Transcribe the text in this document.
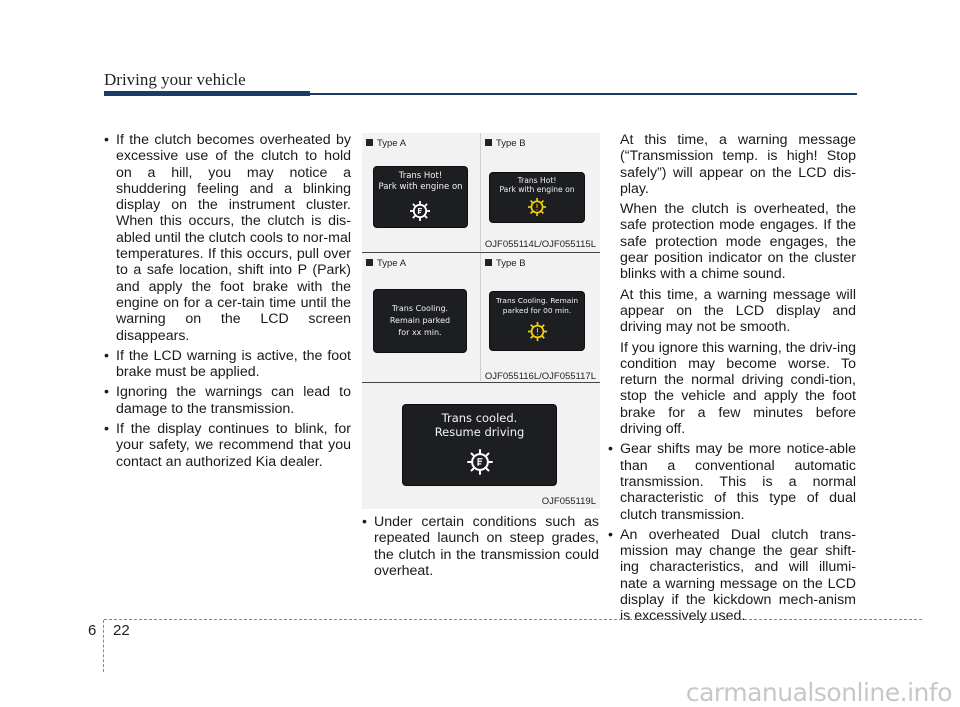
Driving your vehicle

• If the clutch becomes overheated by excessive use of the clutch to hold on a hill, you may notice a shuddering feeling and a blinking display on the instrument cluster. When this occurs, the clutch is dis-abled until the clutch cools to nor-mal temperatures. If this occurs, pull over to a safe location, shift into P (Park) and apply the foot brake with the engine on for a cer-tain time until the warning on the LCD screen disappears.

• If the LCD warning is active, the foot brake must be applied.

• Ignoring the warnings can lead to damage to the transmission.

• If the display continues to blink, for your safety, we recommend that you contact an authorized Kia dealer.

Type A	Type B
Trans Hot!
Park with engine on
Trans Hot!
Park with engine on
OJF055114L/OJF055115L
Type A	Type B
Trans Cooling.
Remain parked
for xx min.
Trans Cooling. Remain
parked for 00 min.
OJF055116L/OJF055117L
Trans cooled.
Resume driving
OJF055119L

• Under certain conditions such as repeated launch on steep grades, the clutch in the transmission could overheat.

At this time, a warning message (“Transmission temp. is high! Stop safely”) will appear on the LCD dis-play.

When the clutch is overheated, the safe protection mode engages. If the safe protection mode engages, the gear position indicator on the cluster blinks with a chime sound.

At this time, a warning message will appear on the LCD display and driving may not be smooth.

If you ignore this warning, the driv-ing condition may become worse. To return the normal driving condi-tion, stop the vehicle and apply the foot brake for a few minutes before driving off.

• Gear shifts may be more notice-able than a conventional automatic transmission. This is a normal characteristic of this type of dual clutch transmission.

• An overheated Dual clutch trans-mission may change the gear shift-ing characteristics, and will illumi-nate a warning message on the LCD display if the kickdown mech-anism is excessively used.

6 22
carmanualsonline.info
